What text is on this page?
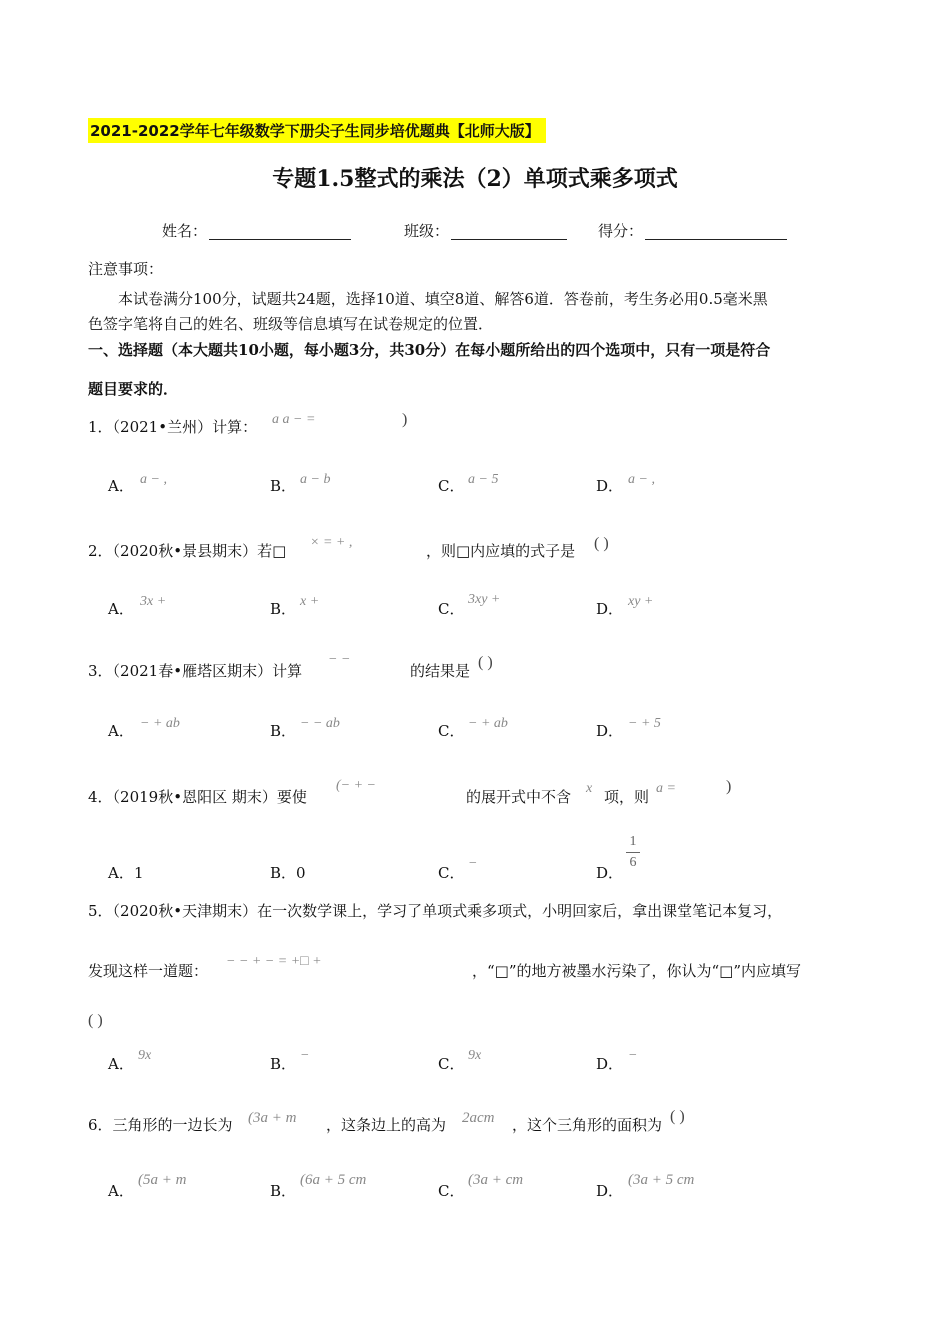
2021-2022学年七年级数学下册尖子生同步培优题典【北师大版】
专题1.5整式的乘法（2）单项式乘多项式
姓名：	班级：	得分：
注意事项：
本试卷满分100分，试题共24题，选择10道、填空8道、解答6道．答卷前，考生务必用0.5毫米黑
色签字笔将自己的姓名、班级等信息填写在试卷规定的位置．
一、选择题（本大题共10小题，每小题3分，共30分）在每小题所给出的四个选项中，只有一项是符合
题目要求的．
1．（2021•兰州）计算： a a − =	)
A． a − ,	B． a − b	C． a − 5	D． a − ,
2．（2020秋•景县期末）若□ × = + ,	，则□内应填的式子是 ( )
A． 3x +	B． x +	C．
3xy +
D． xy +
3．（2021春•雁塔区期末）计算
− −
的结果是 ( )
A． − + ab	B． − − ab	C． − + ab	D． − + 5
4．（2019秋•恩阳区 期末）要使
(− + −
的展开式中不含 x 项，则 a =	)
A．1	B．0	C．
−
D．
1
6
5．（2020秋•天津期末）在一次数学课上，学习了单项式乘多项式，小明回家后，拿出课堂笔记本复习，
发现这样一道题：
− − + − = +□ +
，“□”的地方被墨水污染了，你认为“□”内应填写
( )
A． 9x	B． −	C． 9x	D． −
6．三角形的一边长为 (3a + m ，这条边上的高为 2acm ，这个三角形的面积为 ( )
A．
(5a + m
B．
(6a + 5 cm
C．
(3a + cm
D．
(3a + 5 cm
